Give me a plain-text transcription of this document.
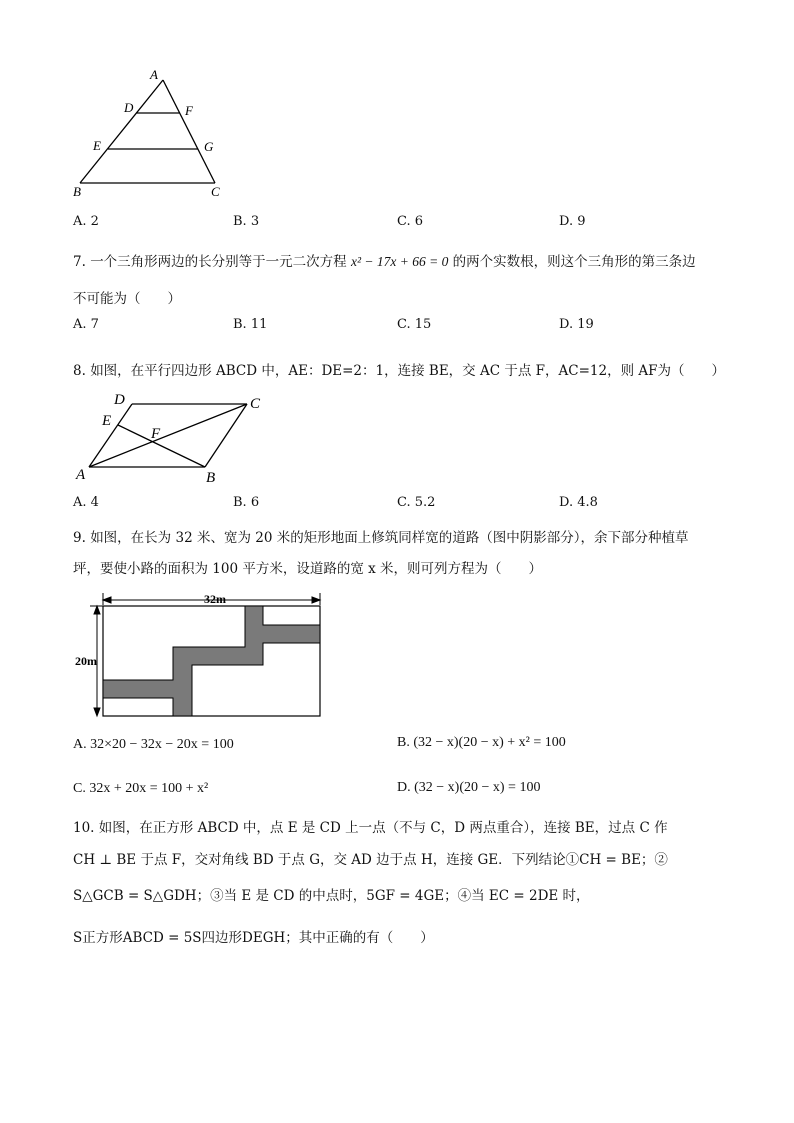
A
D	F
E	G
B	C
A. 2	B. 3	C. 6	D. 9
7. 一个三角形两边的长分别等于一元二次方程 x² − 17x + 66 = 0 的两个实数根，则这个三角形的第三条边
不可能为（　　）
A. 7	B. 11	C. 15	D. 19
8. 如图，在平行四边形 ABCD 中，AE：DE=2：1，连接 BE，交 AC 于点 F，AC=12，则 AF为（　　）
D	C
E
F
A	B
A. 4	B. 6	C. 5.2	D. 4.8
9. 如图，在长为 32 米、宽为 20 米的矩形地面上修筑同样宽的道路（图中阴影部分），余下部分种植草
坪，要使小路的面积为 100 平方米，设道路的宽 x 米，则可列方程为（　　）
32m
20m
A. 32×20 − 32x − 20x = 100	B. (32 − x)(20 − x) + x² = 100
C. 32x + 20x = 100 + x²	D. (32 − x)(20 − x) = 100
10. 如图，在正方形 ABCD 中，点 E 是 CD 上一点（不与 C，D 两点重合），连接 BE，过点 C 作
CH ⊥ BE 于点 F，交对角线 BD 于点 G，交 AD 边于点 H，连接 GE．下列结论①CH = BE；②
S△GCB = S△GDH；③当 E 是 CD 的中点时，5GF = 4GE；④当 EC = 2DE 时，
S正方形ABCD = 5S四边形DEGH；其中正确的有（　　）
